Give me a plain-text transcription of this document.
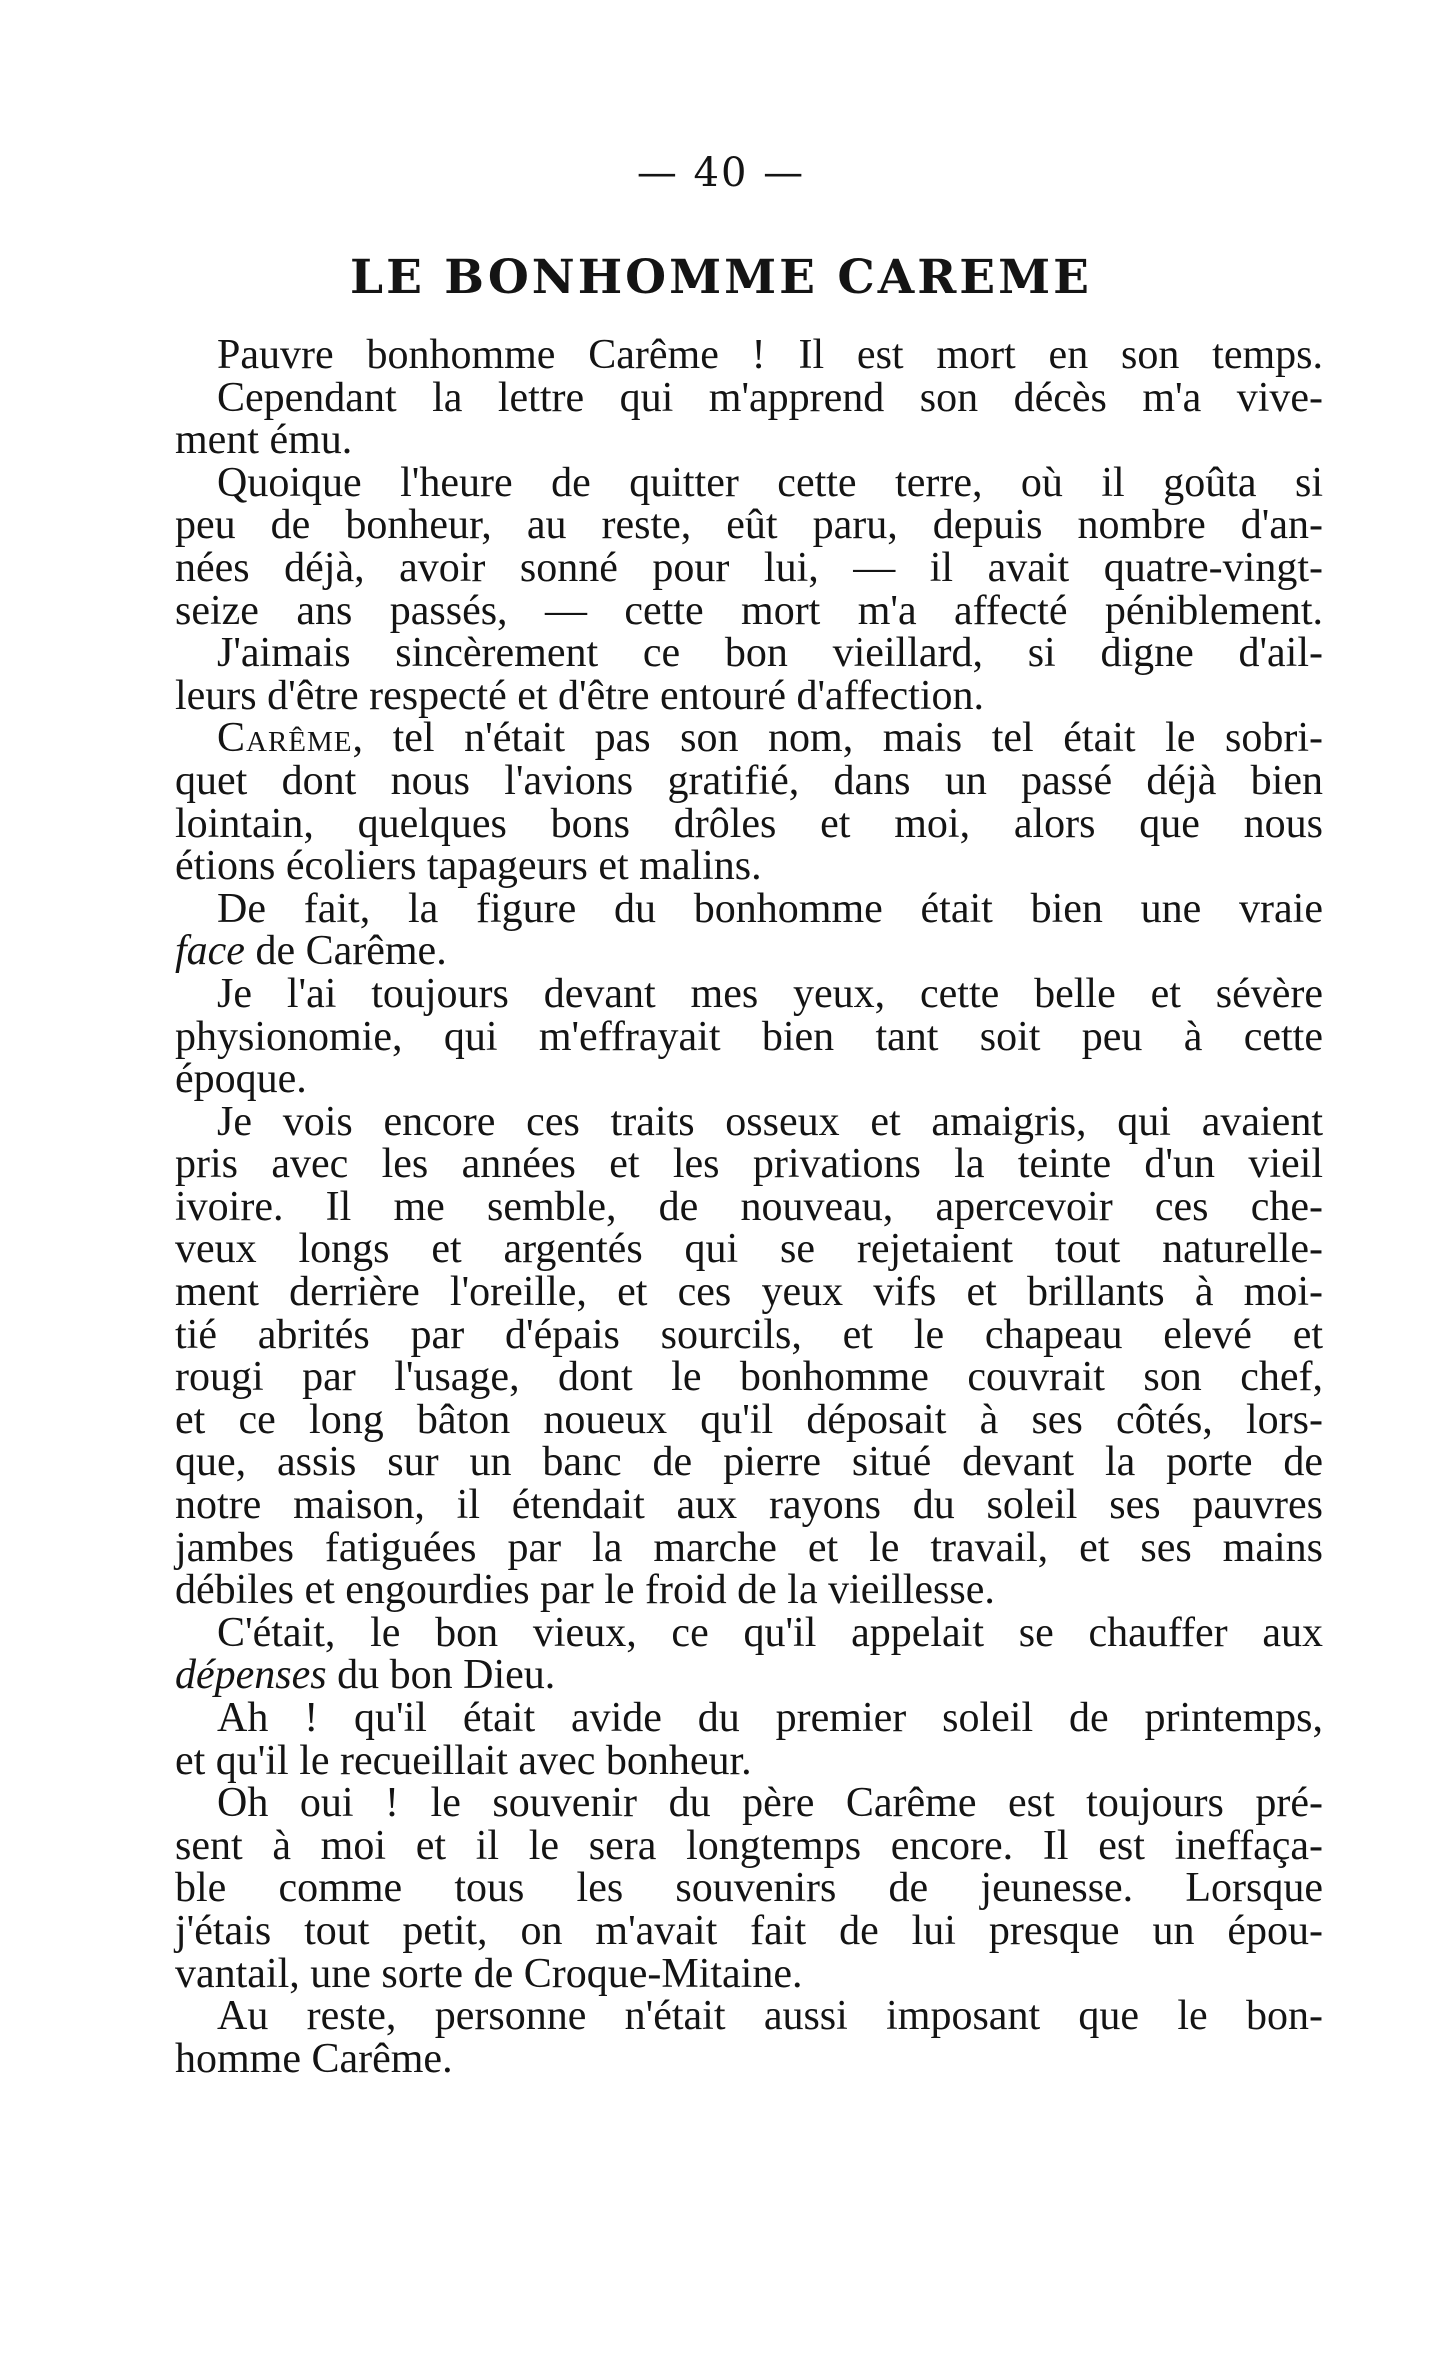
— 40 —
LE BONHOMME CAREME
Pauvre bonhomme Carême ! Il est mort en son temps.
Cependant la lettre qui m'apprend son décès m'a vive-
ment ému.
Quoique l'heure de quitter cette terre, où il goûta si
peu de bonheur, au reste, eût paru, depuis nombre d'an-
nées déjà, avoir sonné pour lui, — il avait quatre-vingt-
seize ans passés, — cette mort m'a affecté péniblement.
J'aimais sincèrement ce bon vieillard, si digne d'ail-
leurs d'être respecté et d'être entouré d'affection.
Carême, tel n'était pas son nom, mais tel était le sobri-
quet dont nous l'avions gratifié, dans un passé déjà bien
lointain, quelques bons drôles et moi, alors que nous
étions écoliers tapageurs et malins.
De fait, la figure du bonhomme était bien une vraie
face de Carême.
Je l'ai toujours devant mes yeux, cette belle et sévère
physionomie, qui m'effrayait bien tant soit peu à cette
époque.
Je vois encore ces traits osseux et amaigris, qui avaient
pris avec les années et les privations la teinte d'un vieil
ivoire. Il me semble, de nouveau, apercevoir ces che-
veux longs et argentés qui se rejetaient tout naturelle-
ment derrière l'oreille, et ces yeux vifs et brillants à moi-
tié abrités par d'épais sourcils, et le chapeau elevé et
rougi par l'usage, dont le bonhomme couvrait son chef,
et ce long bâton noueux qu'il déposait à ses côtés, lors-
que, assis sur un banc de pierre situé devant la porte de
notre maison, il étendait aux rayons du soleil ses pauvres
jambes fatiguées par la marche et le travail, et ses mains
débiles et engourdies par le froid de la vieillesse.
C'était, le bon vieux, ce qu'il appelait se chauffer aux
dépenses du bon Dieu.
Ah ! qu'il était avide du premier soleil de printemps,
et qu'il le recueillait avec bonheur.
Oh oui ! le souvenir du père Carême est toujours pré-
sent à moi et il le sera longtemps encore. Il est ineffaça-
ble comme tous les souvenirs de jeunesse. Lorsque
j'étais tout petit, on m'avait fait de lui presque un épou-
vantail, une sorte de Croque-Mitaine.
Au reste, personne n'était aussi imposant que le bon-
homme Carême.
